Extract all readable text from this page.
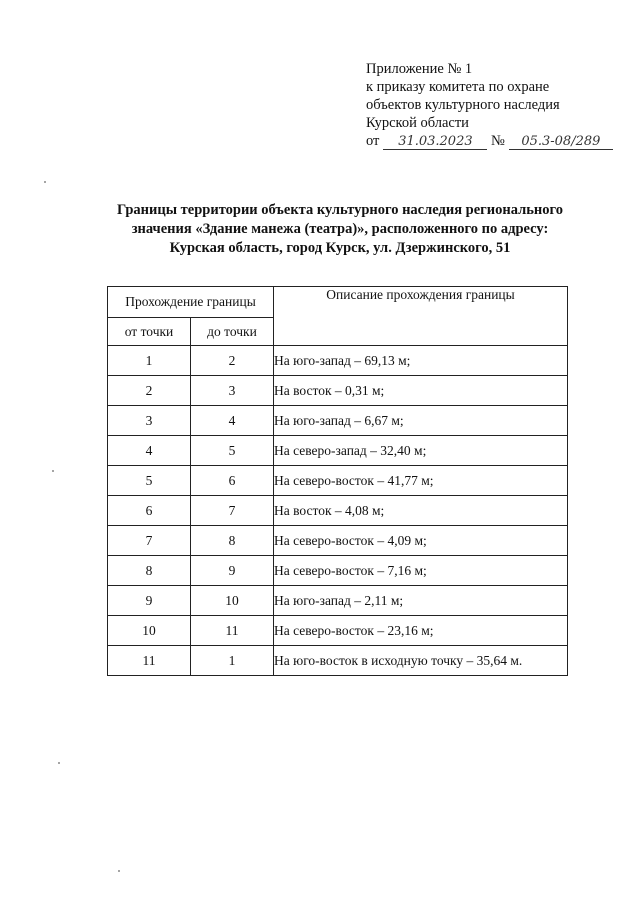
Приложение № 1
к приказу комитета по охране
объектов культурного наследия
Курской области
от 31.03.2023 № 05.3-08/289
Границы территории объекта культурного наследия регионального
значения «Здание манежа (театра)», расположенного по адресу:
Курская область, город Курск, ул. Дзержинского, 51
Прохождение границы		Описание прохождения границы
от точки	до точки	
1	2	На юго-запад – 69,13 м;
2	3	На восток – 0,31 м;
3	4	На юго-запад – 6,67 м;
4	5	На северо-запад – 32,40 м;
5	6	На северо-восток – 41,77 м;
6	7	На восток – 4,08 м;
7	8	На северо-восток – 4,09 м;
8	9	На северо-восток – 7,16 м;
9	10	На юго-запад – 2,11 м;
10	11	На северо-восток – 23,16 м;
11	1	На юго-восток в исходную точку – 35,64 м.
